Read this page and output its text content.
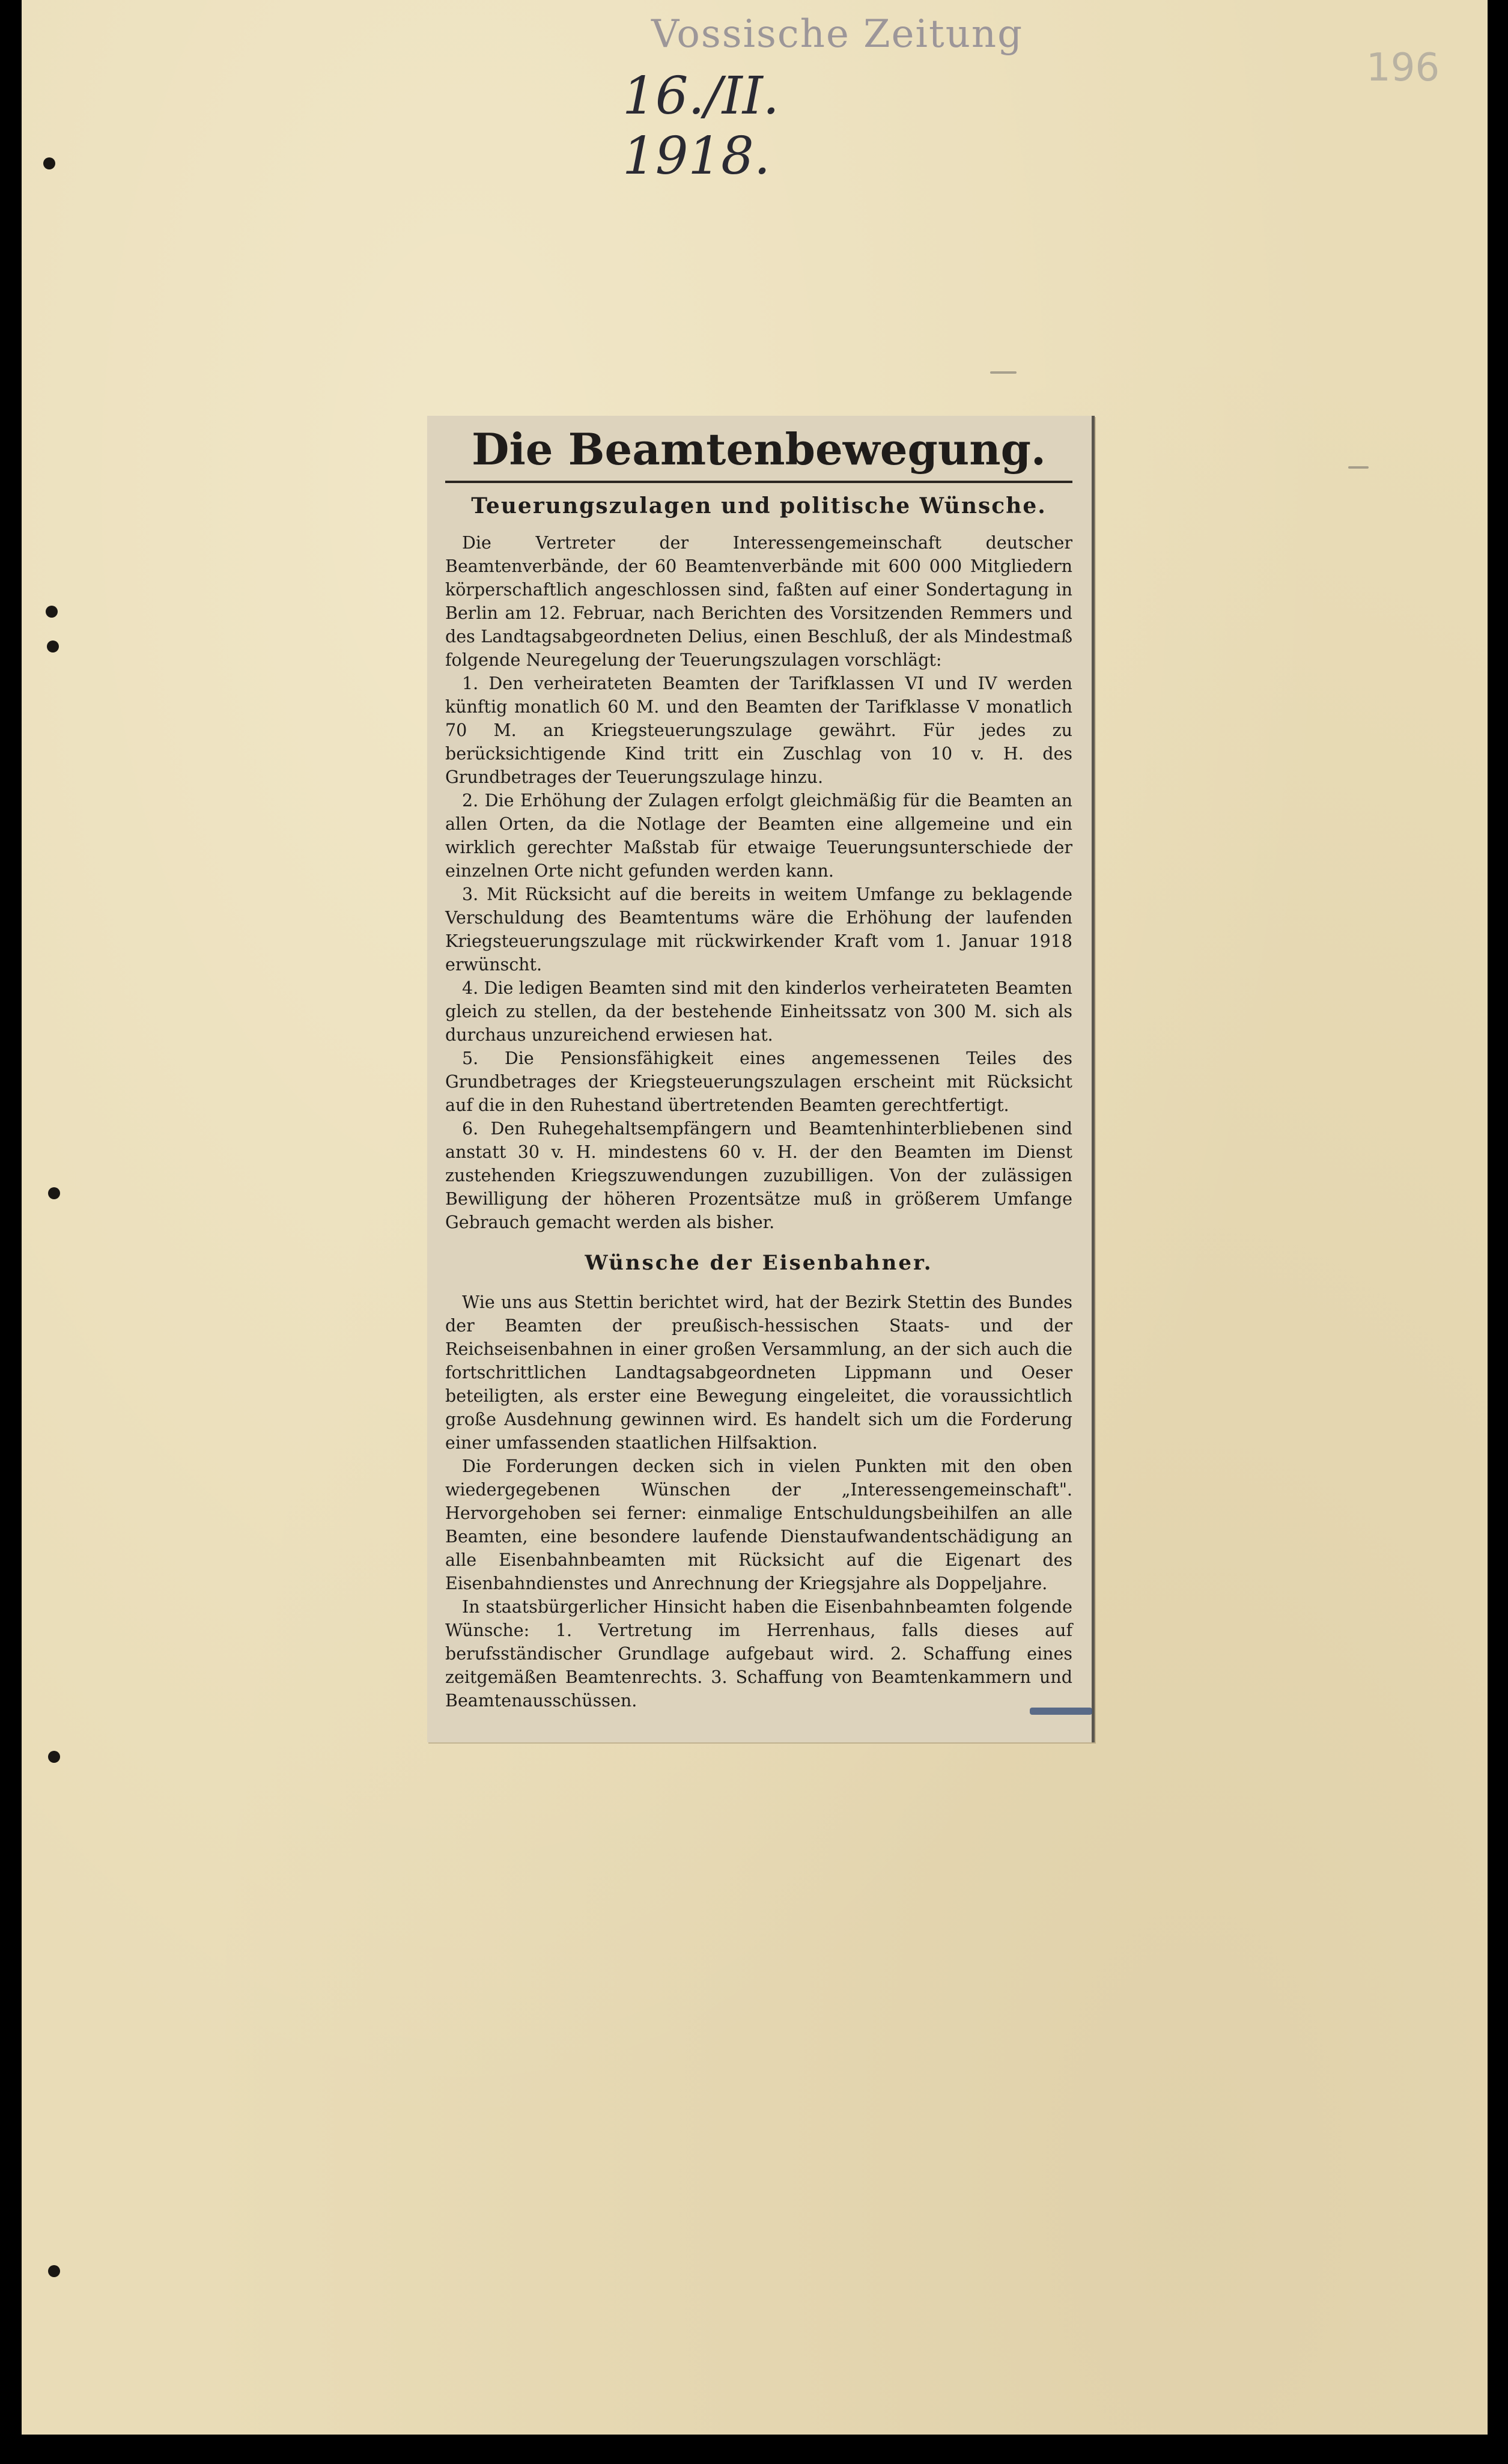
Vossische Zeitung
16./II. 1918.
196
Die Beamtenbewegung.
Teuerungszulagen und politische Wünsche.

Die Vertreter der Interessengemeinschaft deutscher Beamtenverbände, der 60 Beamtenverbände mit 600 000 Mitgliedern körperschaftlich angeschlossen sind, faßten auf einer Sondertagung in Berlin am 12. Februar, nach Berichten des Vorsitzenden Remmers und des Landtagsabgeordneten Delius, einen Beschluß, der als Mindestmaß folgende Neuregelung der Teuerungszulagen vorschlägt:

1. Den verheirateten Beamten der Tarifklassen VI und IV werden künftig monatlich 60 M. und den Beamten der Tarifklasse V monatlich 70 M. an Kriegsteuerungszulage gewährt. Für jedes zu berücksichtigende Kind tritt ein Zuschlag von 10 v. H. des Grundbetrages der Teuerungszulage hinzu.

2. Die Erhöhung der Zulagen erfolgt gleichmäßig für die Beamten an allen Orten, da die Notlage der Beamten eine allgemeine und ein wirklich gerechter Maßstab für etwaige Teuerungsunterschiede der einzelnen Orte nicht gefunden werden kann.

3. Mit Rücksicht auf die bereits in weitem Umfange zu beklagende Verschuldung des Beamtentums wäre die Erhöhung der laufenden Kriegsteuerungszulage mit rückwirkender Kraft vom 1. Januar 1918 erwünscht.

4. Die ledigen Beamten sind mit den kinderlos verheirateten Beamten gleich zu stellen, da der bestehende Einheitssatz von 300 M. sich als durchaus unzureichend erwiesen hat.

5. Die Pensionsfähigkeit eines angemessenen Teiles des Grundbetrages der Kriegsteuerungszulagen erscheint mit Rücksicht auf die in den Ruhestand übertretenden Beamten gerechtfertigt.

6. Den Ruhegehaltsempfängern und Beamtenhinterbliebenen sind anstatt 30 v. H. mindestens 60 v. H. der den Beamten im Dienst zustehenden Kriegszuwendungen zuzubilligen. Von der zulässigen Bewilligung der höheren Prozentsätze muß in größerem Umfange Gebrauch gemacht werden als bisher.

Wünsche der Eisenbahner.

Wie uns aus Stettin berichtet wird, hat der Bezirk Stettin des Bundes der Beamten der preußisch-hessischen Staats- und der Reichseisenbahnen in einer großen Versammlung, an der sich auch die fortschrittlichen Landtagsabgeordneten Lippmann und Oeser beteiligten, als erster eine Bewegung eingeleitet, die voraussichtlich große Ausdehnung gewinnen wird. Es handelt sich um die Forderung einer umfassenden staatlichen Hilfsaktion.

Die Forderungen decken sich in vielen Punkten mit den oben wiedergegebenen Wünschen der „Interessengemeinschaft". Hervorgehoben sei ferner: einmalige Entschuldungsbeihilfen an alle Beamten, eine besondere laufende Dienstaufwandentschädigung an alle Eisenbahnbeamten mit Rücksicht auf die Eigenart des Eisenbahndienstes und Anrechnung der Kriegsjahre als Doppeljahre.

In staatsbürgerlicher Hinsicht haben die Eisenbahnbeamten folgende Wünsche: 1. Vertretung im Herrenhaus, falls dieses auf berufsständischer Grundlage aufgebaut wird. 2. Schaffung eines zeitgemäßen Beamtenrechts. 3. Schaffung von Beamtenkammern und Beamtenausschüssen.
